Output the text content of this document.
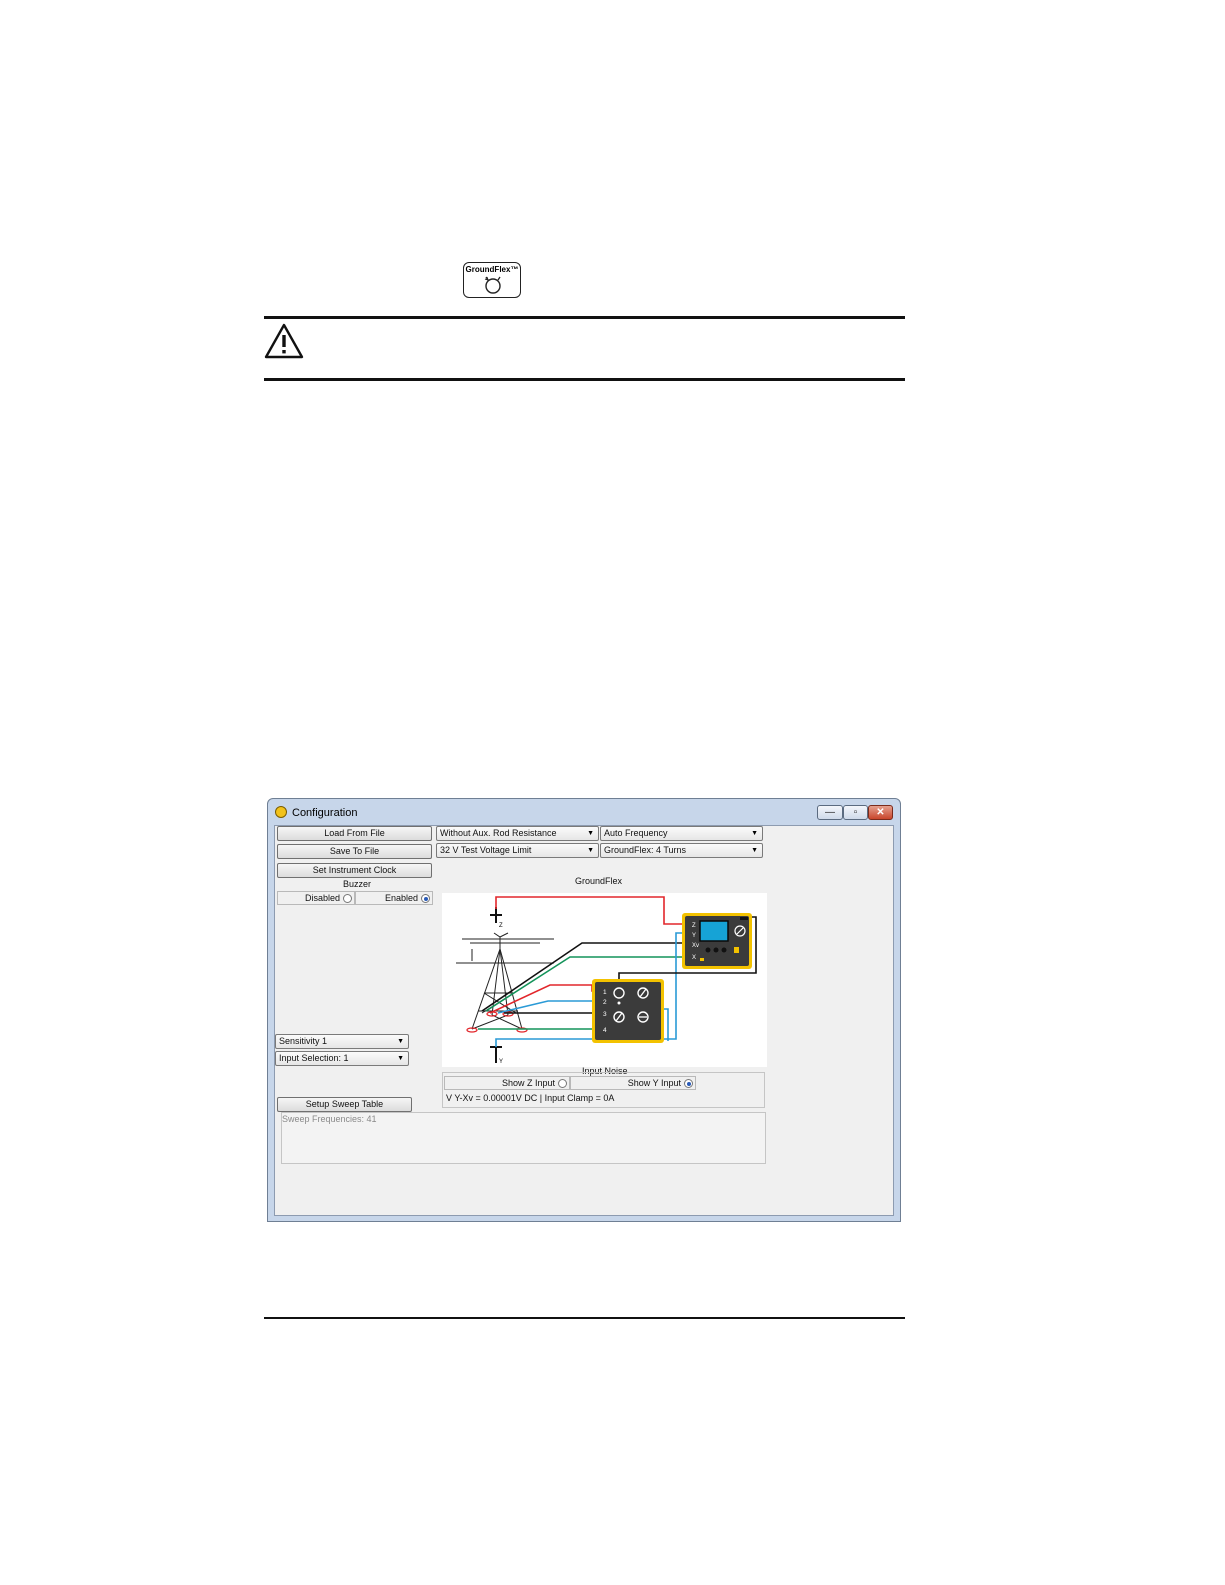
GroundFlex™
Configuration	—	▫	✕
Load From File
Save To File
Set Instrument Clock
Buzzer
Disabled	Enabled
Without Aux. Rod Resistance	▼	Auto Frequency	▼
32 V Test Voltage Limit	▼	GroundFlex: 4 Turns	▼
GroundFlex
Z
Y
Z
Y
Xv
X
1
2
3
4
Input Noise
Show Z Input	Show Y Input
V Y-Xv = 0.00001V DC | Input Clamp = 0A
Sensitivity 1	▼
Input Selection: 1	▼
Setup Sweep Table
Sweep Frequencies: 41
